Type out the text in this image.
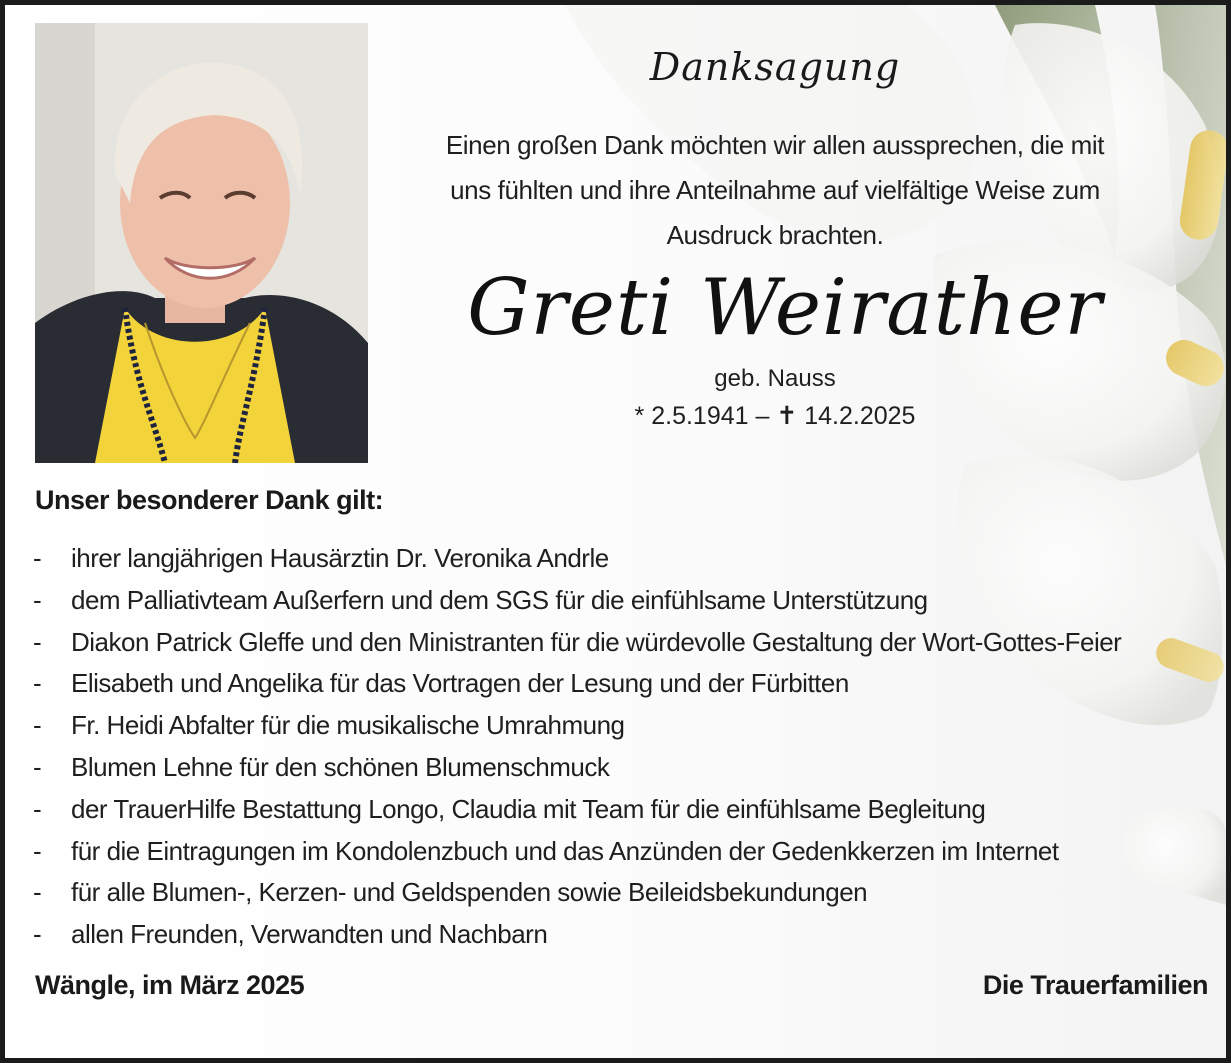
Danksagung
Einen großen Dank möchten wir allen aussprechen, die mit
uns fühlten und ihre Anteilnahme auf vielfältige Weise zum
Ausdruck brachten.
Greti Weirather
geb. Nauss
* 2.5.1941 – ✝ 14.2.2025
Unser besonderer Dank gilt:
- ihrer langjährigen Hausärztin Dr. Veronika Andrle
- dem Palliativteam Außerfern und dem SGS für die einfühlsame Unterstützung
- Diakon Patrick Gleffe und den Ministranten für die würdevolle Gestaltung der Wort-Gottes-Feier
- Elisabeth und Angelika für das Vortragen der Lesung und der Fürbitten
- Fr. Heidi Abfalter für die musikalische Umrahmung
- Blumen Lehne für den schönen Blumenschmuck
- der TrauerHilfe Bestattung Longo, Claudia mit Team für die einfühlsame Begleitung
- für die Eintragungen im Kondolenzbuch und das Anzünden der Gedenkkerzen im Internet
- für alle Blumen-, Kerzen- und Geldspenden sowie Beileidsbekundungen
- allen Freunden, Verwandten und Nachbarn
Wängle, im März 2025	Die Trauerfamilien
